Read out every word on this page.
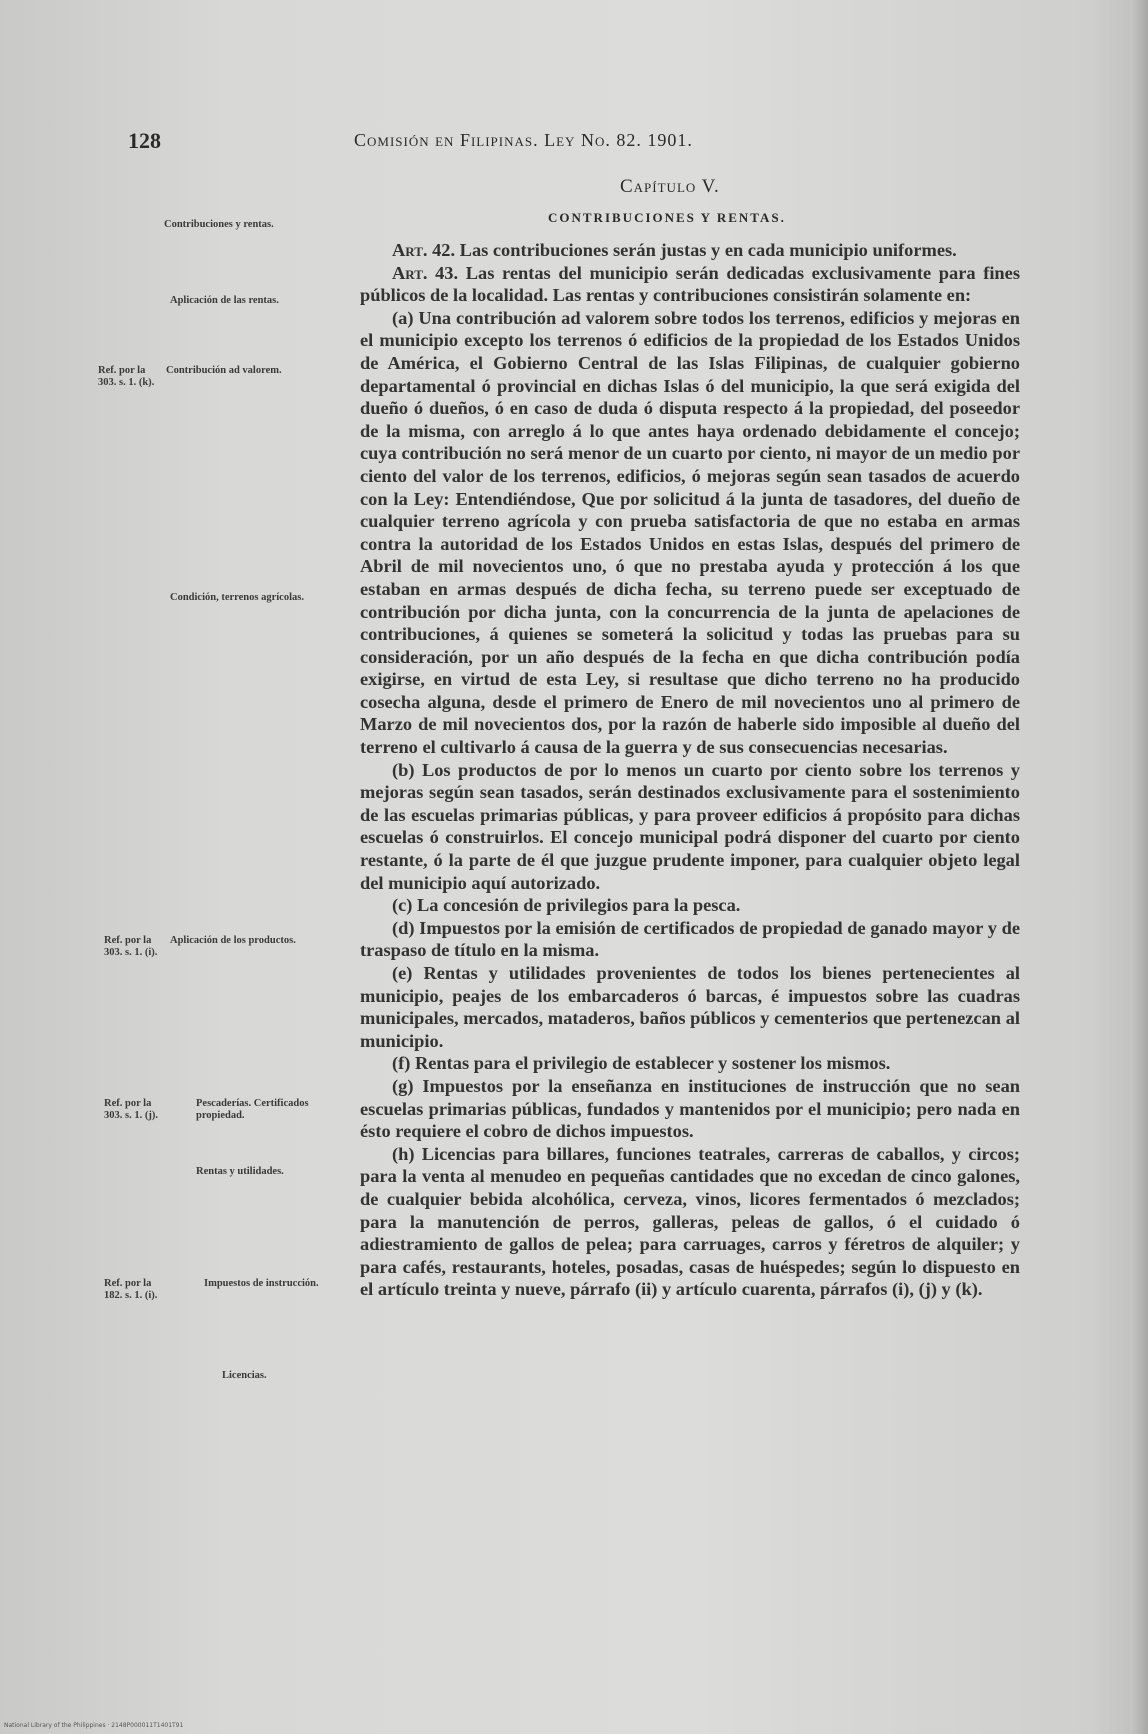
128	Comisión en Filipinas. Ley No. 82. 1901.
Capítulo V.
CONTRIBUCIONES Y RENTAS.
Contribuciones y rentas.
Aplicación de las rentas.
Ref. por la 303. s. 1. (k).
Contribución ad valorem.
Condición, terrenos agrícolas.
Ref. por la 303. s. 1. (i).
Aplicación de los productos.
Ref. por la 303. s. 1. (j).
Pescaderías. Certificados propiedad.
Rentas y utilidades.
Ref. por la 182. s. 1. (i).
Impuestos de instrucción.
Licencias.

Art. 42. Las contribuciones serán justas y en cada municipio uniformes.

Art. 43. Las rentas del municipio serán dedicadas exclusivamente para fines públicos de la localidad. Las rentas y contribuciones consistirán solamente en:

(a) Una contribución ad valorem sobre todos los terrenos, edificios y mejoras en el municipio excepto los terrenos ó edificios de la propiedad de los Estados Unidos de América, el Gobierno Central de las Islas Filipinas, de cualquier gobierno departamental ó provincial en dichas Islas ó del municipio, la que será exigida del dueño ó dueños, ó en caso de duda ó disputa respecto á la propiedad, del poseedor de la misma, con arreglo á lo que antes haya ordenado debidamente el concejo; cuya contribución no será menor de un cuarto por ciento, ni mayor de un medio por ciento del valor de los terrenos, edificios, ó mejoras según sean tasados de acuerdo con la Ley: Entendiéndose, Que por solicitud á la junta de tasadores, del dueño de cualquier terreno agrícola y con prueba satisfactoria de que no estaba en armas contra la autoridad de los Estados Unidos en estas Islas, después del primero de Abril de mil novecientos uno, ó que no prestaba ayuda y protección á los que estaban en armas después de dicha fecha, su terreno puede ser exceptuado de contribución por dicha junta, con la concurrencia de la junta de apelaciones de contribuciones, á quienes se someterá la solicitud y todas las pruebas para su consideración, por un año después de la fecha en que dicha contribución podía exigirse, en virtud de esta Ley, si resultase que dicho terreno no ha producido cosecha alguna, desde el primero de Enero de mil novecientos uno al primero de Marzo de mil novecientos dos, por la razón de haberle sido imposible al dueño del terreno el cultivarlo á causa de la guerra y de sus consecuencias necesarias.

(b) Los productos de por lo menos un cuarto por ciento sobre los terrenos y mejoras según sean tasados, serán destinados exclusivamente para el sostenimiento de las escuelas primarias públicas, y para proveer edificios á propósito para dichas escuelas ó construirlos. El concejo municipal podrá disponer del cuarto por ciento restante, ó la parte de él que juzgue prudente imponer, para cualquier objeto legal del municipio aquí autorizado.

(c) La concesión de privilegios para la pesca.

(d) Impuestos por la emisión de certificados de propiedad de ganado mayor y de traspaso de título en la misma.

(e) Rentas y utilidades provenientes de todos los bienes pertenecientes al municipio, peajes de los embarcaderos ó barcas, é impuestos sobre las cuadras municipales, mercados, mataderos, baños públicos y cementerios que pertenezcan al municipio.

(f) Rentas para el privilegio de establecer y sostener los mismos.

(g) Impuestos por la enseñanza en instituciones de instrucción que no sean escuelas primarias públicas, fundados y mantenidos por el municipio; pero nada en ésto requiere el cobro de dichos impuestos.

(h) Licencias para billares, funciones teatrales, carreras de caballos, y circos; para la venta al menudeo en pequeñas cantidades que no excedan de cinco galones, de cualquier bebida alcohólica, cerveza, vinos, licores fermentados ó mezclados; para la manutención de perros, galleras, peleas de gallos, ó el cuidado ó adiestramiento de gallos de pelea; para carruages, carros y féretros de alquiler; y para cafés, restaurants, hoteles, posadas, casas de huéspedes; según lo dispuesto en el artículo treinta y nueve, párrafo (ii) y artículo cuarenta, párrafos (i), (j) y (k).

National Library of the Philippines · 2148P000011T1401T91
